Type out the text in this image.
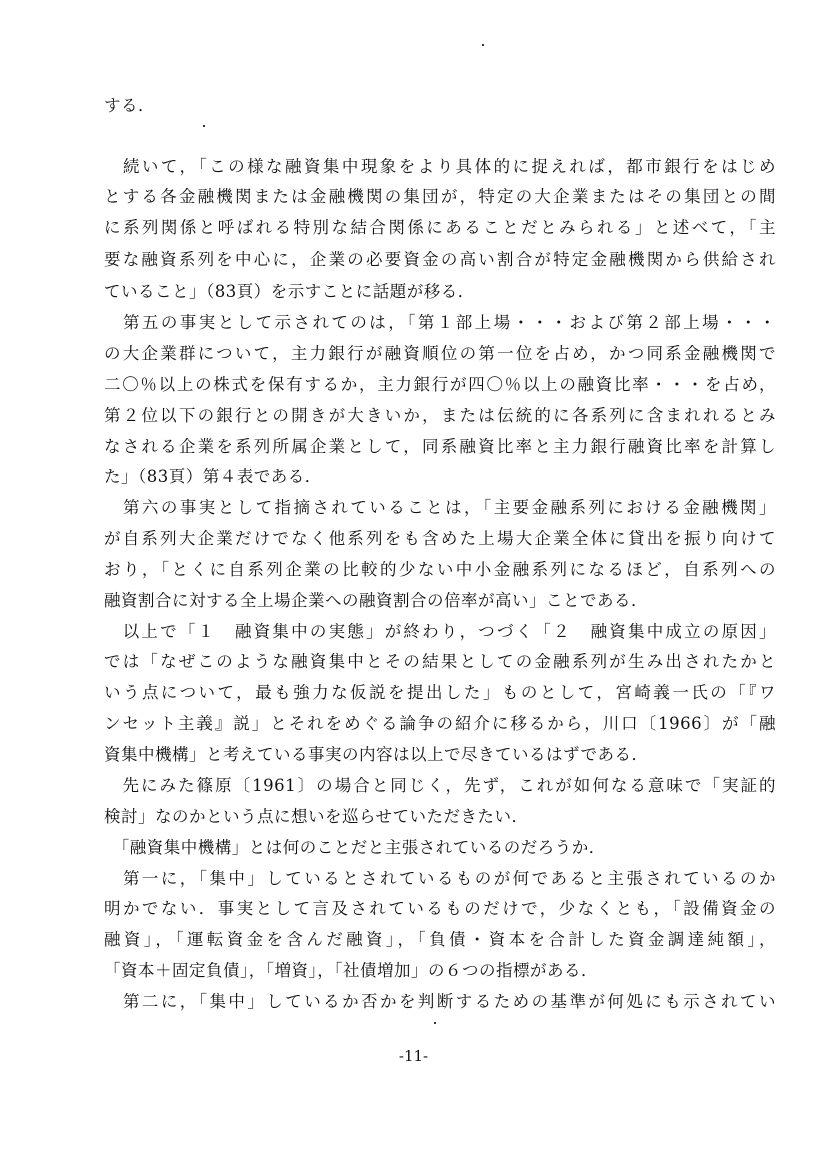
する．
　続いて，「この様な融資集中現象をより具体的に捉えれば，都市銀行をはじめ
とする各金融機関または金融機関の集団が，特定の大企業またはその集団との間
に系列関係と呼ばれる特別な結合関係にあることだとみられる」と述べて，「主
要な融資系列を中心に，企業の必要資金の高い割合が特定金融機関から供給され
ていること」（83頁）を示すことに話題が移る．
　第五の事実として示されてのは，「第１部上場・・・および第２部上場・・・
の大企業群について，主力銀行が融資順位の第一位を占め，かつ同系金融機関で
二〇％以上の株式を保有するか，主力銀行が四〇％以上の融資比率・・・を占め，
第２位以下の銀行との開きが大きいか，または伝統的に各系列に含まれれるとみ
なされる企業を系列所属企業として，同系融資比率と主力銀行融資比率を計算し
た」（83頁）第４表である．
　第六の事実として指摘されていることは，「主要金融系列における金融機関」
が自系列大企業だけでなく他系列をも含めた上場大企業全体に貸出を振り向けて
おり，「とくに自系列企業の比較的少ない中小金融系列になるほど，自系列への
融資割合に対する全上場企業への融資割合の倍率が高い」ことである．
　以上で「１　融資集中の実態」が終わり，つづく「２　融資集中成立の原因」
では「なぜこのような融資集中とその結果としての金融系列が生み出されたかと
いう点について，最も強力な仮説を提出した」ものとして，宮崎義一氏の「『ワ
ンセット主義』説」とそれをめぐる論争の紹介に移るから，川口〔1966〕が「融
資集中機構」と考えている事実の内容は以上で尽きているはずである．
　先にみた篠原〔1961〕の場合と同じく，先ず，これが如何なる意味で「実証的
検討」なのかという点に想いを巡らせていただきたい．
　「融資集中機構」とは何のことだと主張されているのだろうか．
　第一に，「集中」しているとされているものが何であると主張されているのか
明かでない．事実として言及されているものだけで，少なくとも，「設備資金の
融資」，「運転資金を含んだ融資」，「負債・資本を合計した資金調達純額」，
「資本＋固定負債」，「増資」，「社債増加」の６つの指標がある．
　第二に，「集中」しているか否かを判断するための基準が何処にも示されてい
-11-
